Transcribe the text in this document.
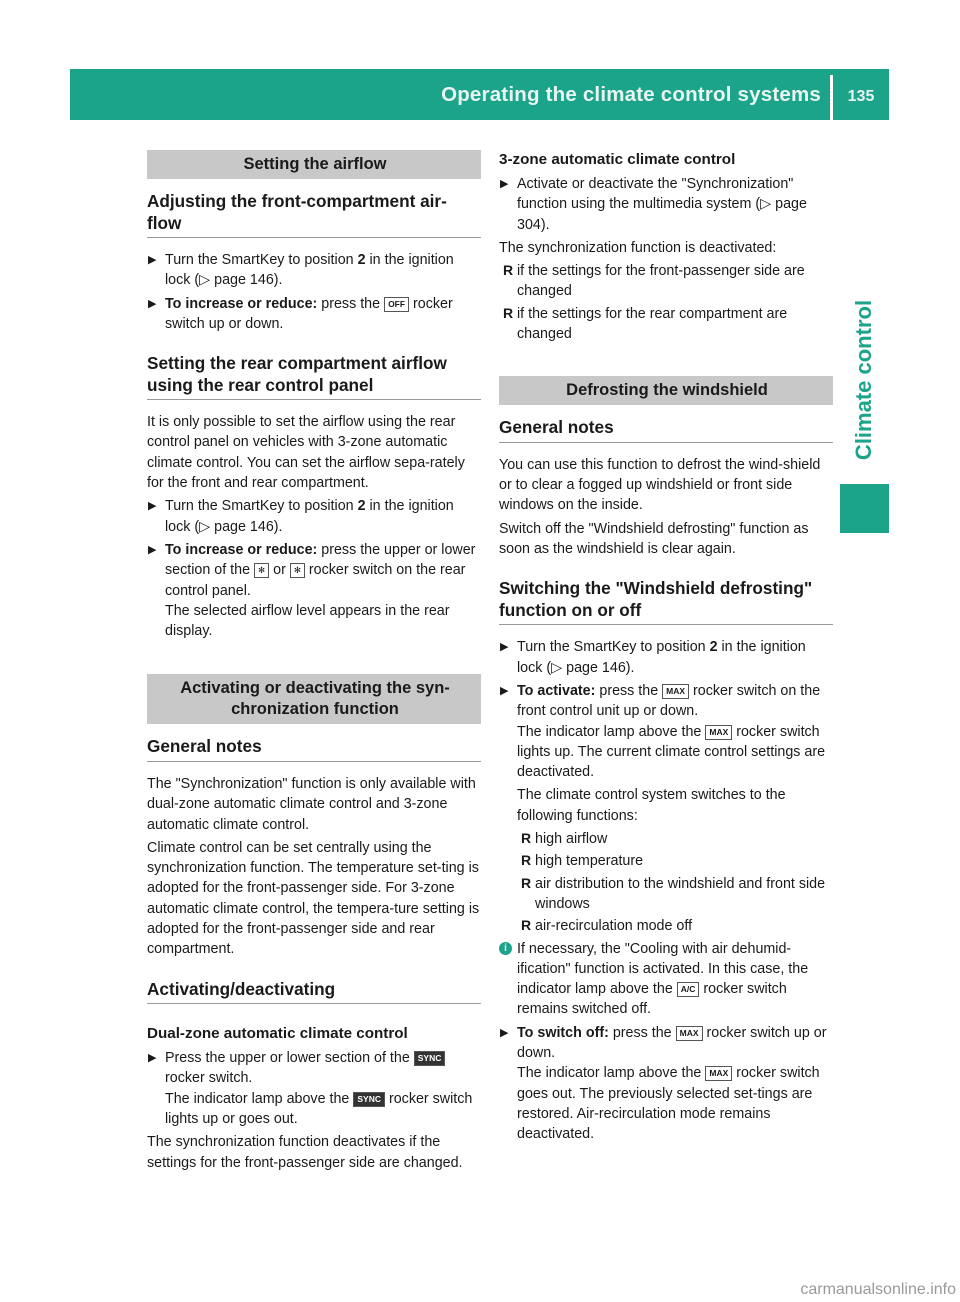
Operating the climate control systems	135
Climate control
Setting the airflow
Adjusting the front-compartment air-flow
▶ Turn the SmartKey to position 2 in the ignition lock (▷ page 146).
▶ To increase or reduce: press the OFF rocker switch up or down.
Setting the rear compartment airflow using the rear control panel

It is only possible to set the airflow using the rear control panel on vehicles with 3-zone automatic climate control. You can set the airflow sepa-rately for the front and rear compartment.

▶ Turn the SmartKey to position 2 in the ignition lock (▷ page 146).
▶ To increase or reduce: press the upper or lower section of the ✻ or ✻ rocker switch on the rear control panel.
The selected airflow level appears in the rear display.
Activating or deactivating the syn-chronization function
General notes

The "Synchronization" function is only available with dual-zone automatic climate control and 3-zone automatic climate control.

Climate control can be set centrally using the synchronization function. The temperature set-ting is adopted for the front-passenger side. For 3-zone automatic climate control, the tempera-ture setting is adopted for the front-passenger side and rear compartment.

Activating/deactivating
Dual-zone automatic climate control
▶ Press the upper or lower section of the SYNC rocker switch.
The indicator lamp above the SYNC rocker switch lights up or goes out.

The synchronization function deactivates if the settings for the front-passenger side are changed.

3-zone automatic climate control
▶ Activate or deactivate the "Synchronization" function using the multimedia system (▷ page 304).

The synchronization function is deactivated:

R if the settings for the front-passenger side are changed
R if the settings for the rear compartment are changed
Defrosting the windshield
General notes

You can use this function to defrost the wind-shield or to clear a fogged up windshield or front side windows on the inside.

Switch off the "Windshield defrosting" function as soon as the windshield is clear again.

Switching the "Windshield defrosting" function on or off
▶ Turn the SmartKey to position 2 in the ignition lock (▷ page 146).
▶ To activate: press the MAX rocker switch on the front control unit up or down.
The indicator lamp above the MAX rocker switch lights up. The current climate control settings are deactivated.
The climate control system switches to the following functions:
R high airflow
R high temperature
R air distribution to the windshield and front side windows
R air-recirculation mode off
i If necessary, the "Cooling with air dehumid-ification" function is activated. In this case, the indicator lamp above the A/C rocker switch remains switched off.
▶ To switch off: press the MAX rocker switch up or down.
The indicator lamp above the MAX rocker switch goes out. The previously selected set-tings are restored. Air-recirculation mode remains deactivated.
carmanualsonline.info
